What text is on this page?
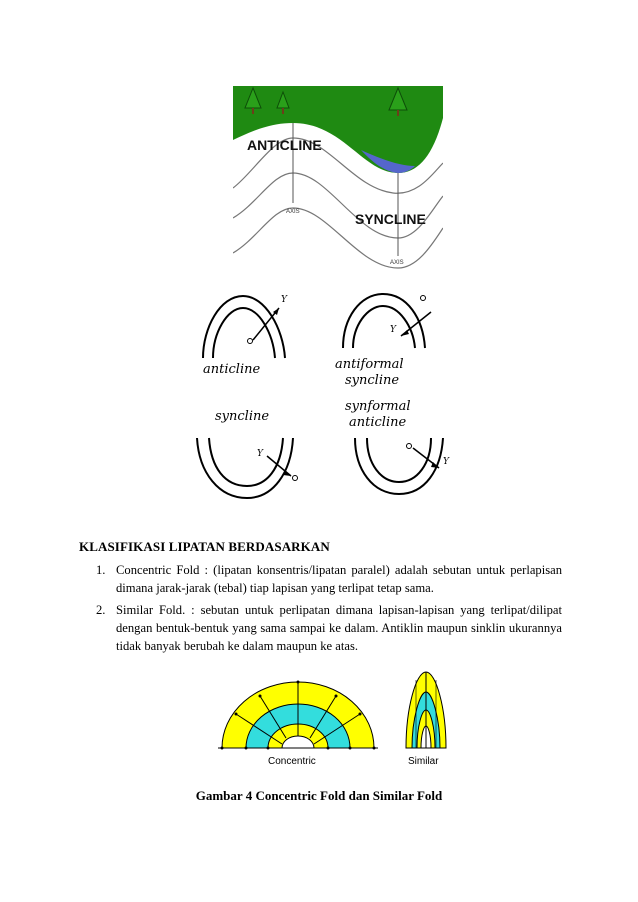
ANTICLINE
SYNCLINE
AXIS
AXIS
Y
anticline
Y
antiformal
syncline
syncline
Y
synformal
anticline
Y
KLASIFIKASI LIPATAN BERDASARKAN
1. Concentric Fold : (lipatan konsentris/lipatan paralel) adalah sebutan untuk perlapisan dimana jarak-jarak (tebal) tiap lapisan yang terlipat tetap sama.
2. Similar Fold. : sebutan untuk perlipatan dimana lapisan-lapisan yang terlipat/dilipat dengan bentuk-bentuk yang sama sampai ke dalam. Antiklin maupun sinklin ukurannya tidak banyak berubah ke dalam maupun ke atas.
Concentric	Similar
Gambar 4 Concentric Fold dan Similar Fold
